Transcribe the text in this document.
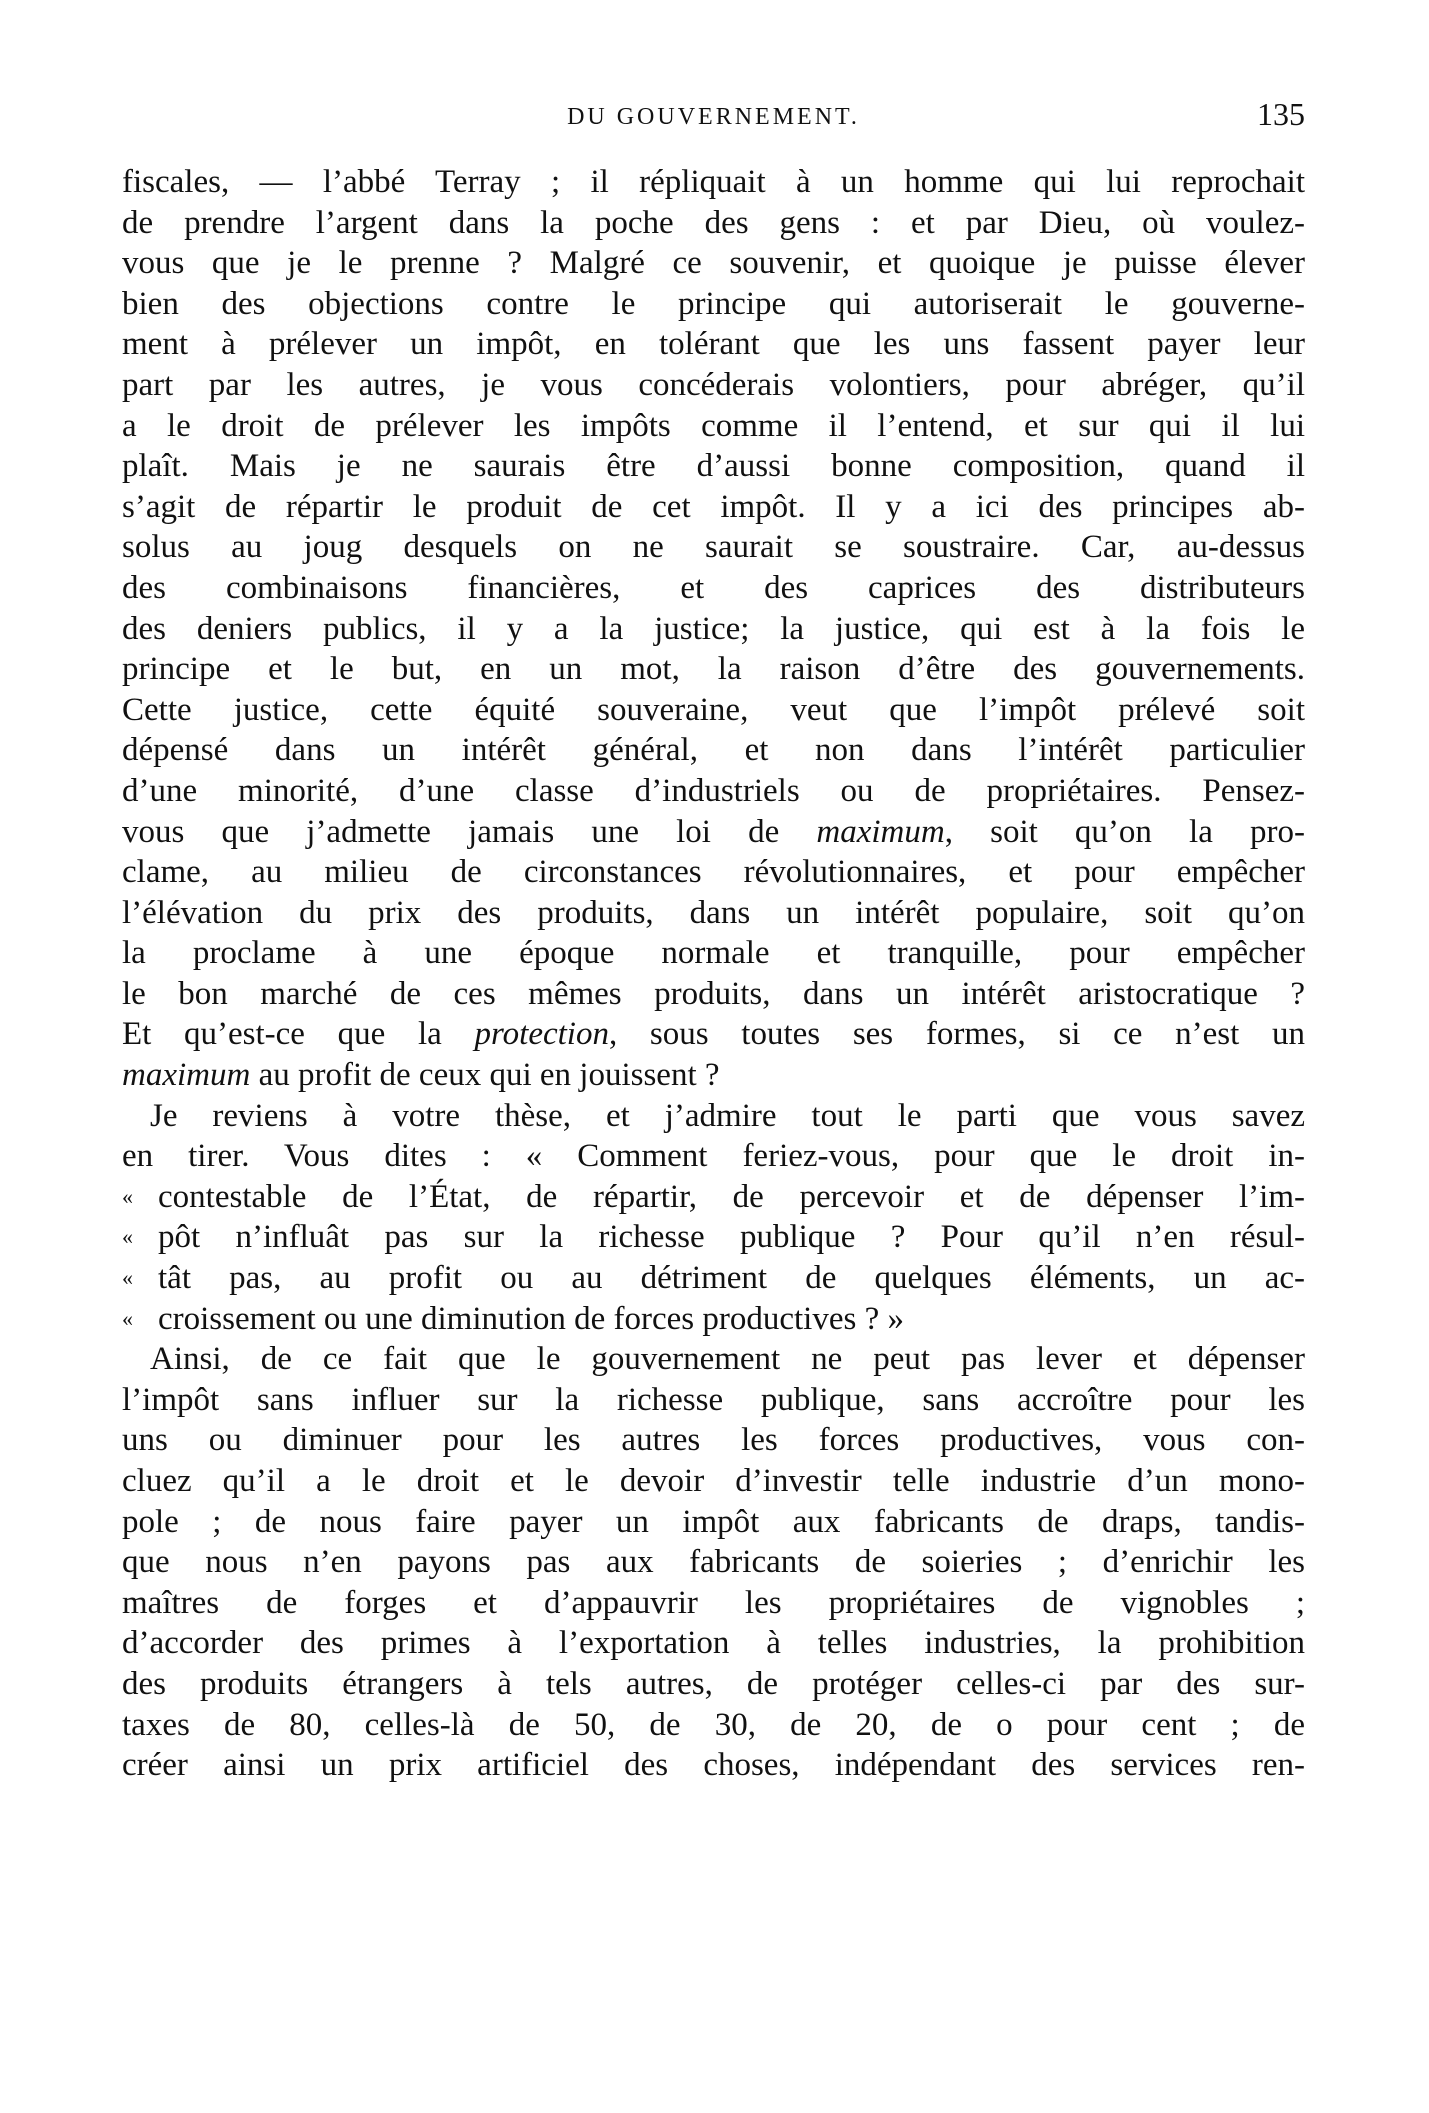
DU GOUVERNEMENT.	135
fiscales, — l’abbé Terray ; il répliquait à un homme qui lui reprochait
de prendre l’argent dans la poche des gens : et par Dieu, où voulez-
vous que je le prenne ? Malgré ce souvenir, et quoique je puisse élever
bien des objections contre le principe qui autoriserait le gouverne-
ment à prélever un impôt, en tolérant que les uns fassent payer leur
part par les autres, je vous concéderais volontiers, pour abréger, qu’il
a le droit de prélever les impôts comme il l’entend, et sur qui il lui
plaît. Mais je ne saurais être d’aussi bonne composition, quand il
s’agit de répartir le produit de cet impôt. Il y a ici des principes ab-
solus au joug desquels on ne saurait se soustraire. Car, au-dessus
des combinaisons financières, et des caprices des distributeurs
des deniers publics, il y a la justice; la justice, qui est à la fois le
principe et le but, en un mot, la raison d’être des gouvernements.
Cette justice, cette équité souveraine, veut que l’impôt prélevé soit
dépensé dans un intérêt général, et non dans l’intérêt particulier
d’une minorité, d’une classe d’industriels ou de propriétaires. Pensez-
vous que j’admette jamais une loi de maximum, soit qu’on la pro-
clame, au milieu de circonstances révolutionnaires, et pour empêcher
l’élévation du prix des produits, dans un intérêt populaire, soit qu’on
la proclame à une époque normale et tranquille, pour empêcher
le bon marché de ces mêmes produits, dans un intérêt aristocratique ?
Et qu’est-ce que la protection, sous toutes ses formes, si ce n’est un
maximum au profit de ceux qui en jouissent ?
Je reviens à votre thèse, et j’admire tout le parti que vous savez
en tirer. Vous dites : « Comment feriez-vous, pour que le droit in-
« contestable de l’État, de répartir, de percevoir et de dépenser l’im-
« pôt n’influât pas sur la richesse publique ? Pour qu’il n’en résul-
« tât pas, au profit ou au détriment de quelques éléments, un ac-
« croissement ou une diminution de forces productives ? »
Ainsi, de ce fait que le gouvernement ne peut pas lever et dépenser
l’impôt sans influer sur la richesse publique, sans accroître pour les
uns ou diminuer pour les autres les forces productives, vous con-
cluez qu’il a le droit et le devoir d’investir telle industrie d’un mono-
pole ; de nous faire payer un impôt aux fabricants de draps, tandis-
que nous n’en payons pas aux fabricants de soieries ; d’enrichir les
maîtres de forges et d’appauvrir les propriétaires de vignobles ;
d’accorder des primes à l’exportation à telles industries, la prohibition
des produits étrangers à tels autres, de protéger celles-ci par des sur-
taxes de 80, celles-là de 50, de 30, de 20, de o pour cent ; de
créer ainsi un prix artificiel des choses, indépendant des services ren-
